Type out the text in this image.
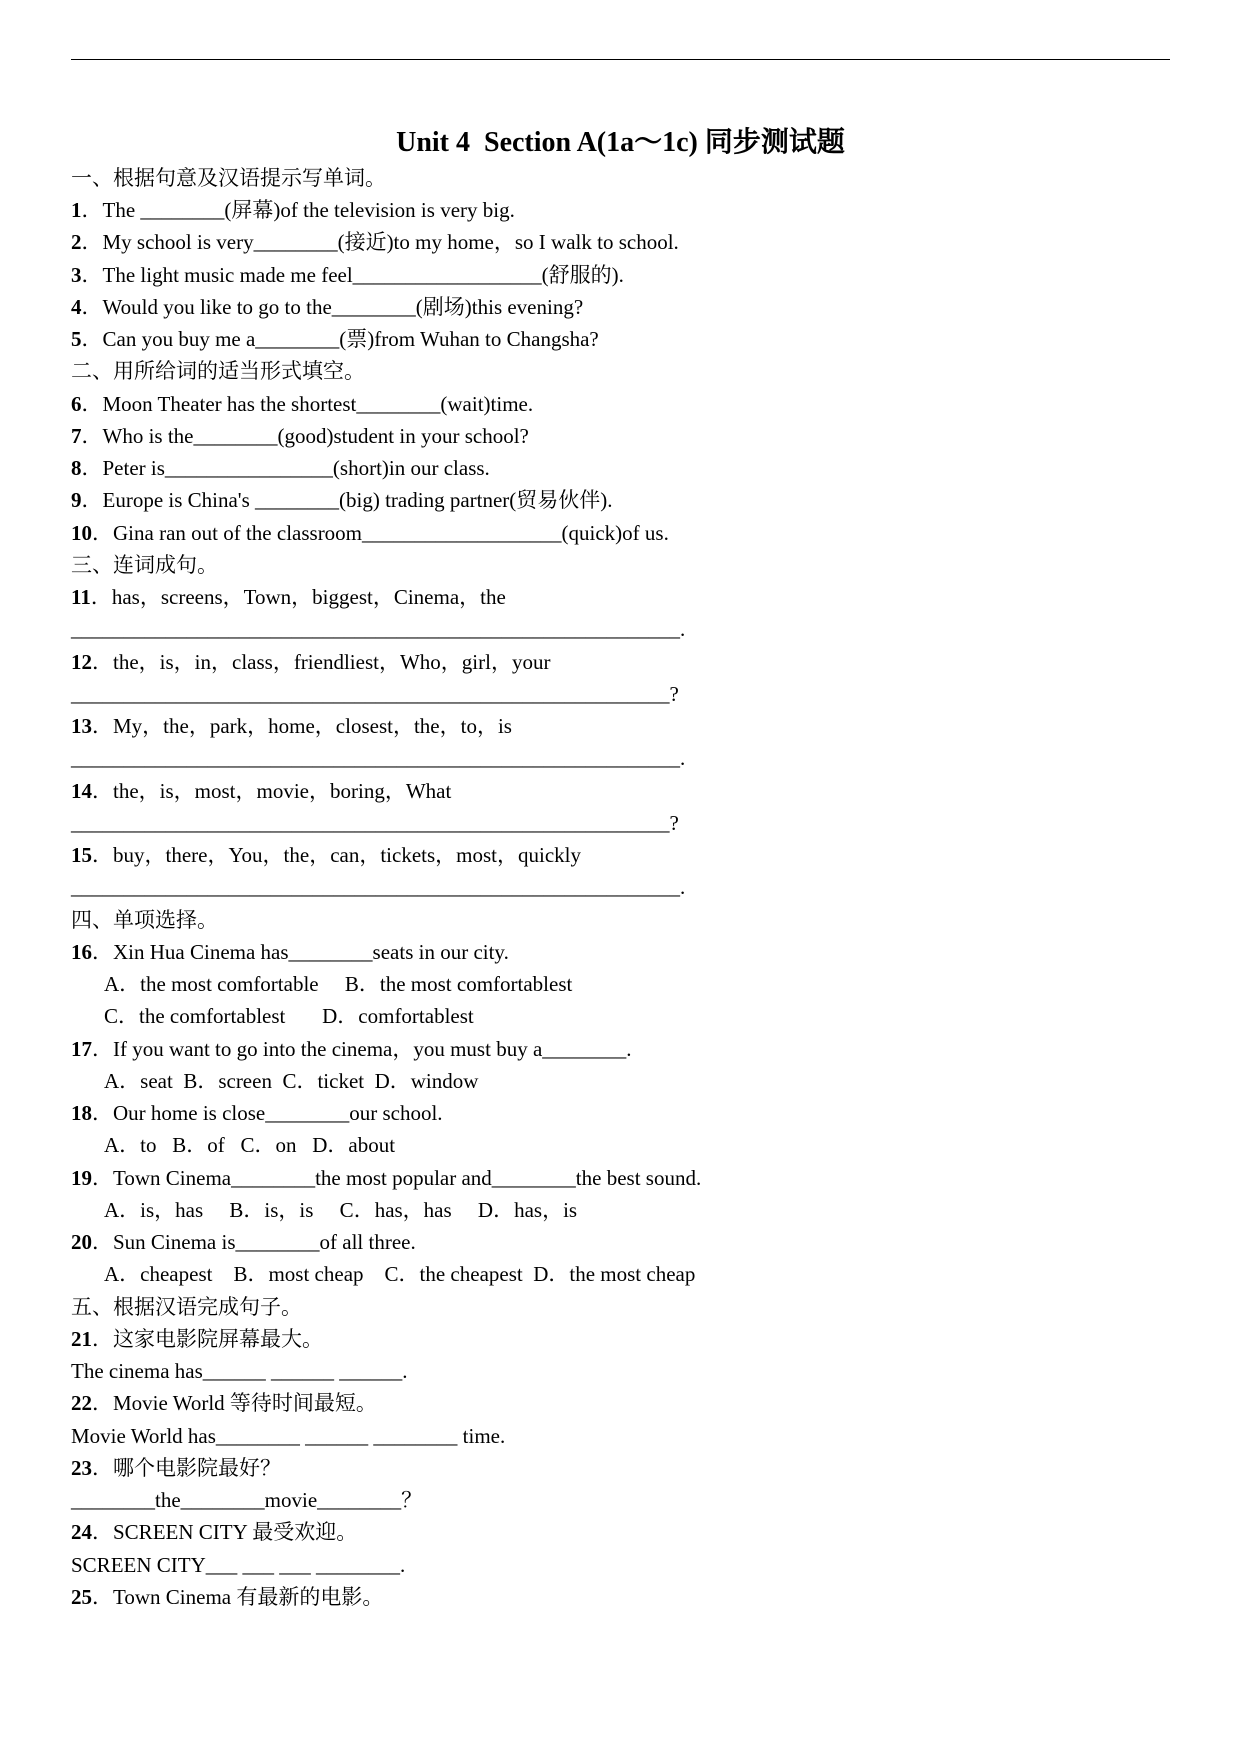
Unit 4  Section A(1a～1c) 同步测试题
一、根据句意及汉语提示写单词。
1．The ________(屏幕)of the television is very big.
2．My school is very________(接近)to my home，so I walk to school.
3．The light music made me feel__________________(舒服的).
4．Would you like to go to the________(剧场)this evening?
5．Can you buy me a________(票)from Wuhan to Changsha?
二、用所给词的适当形式填空。
6．Moon Theater has the shortest________(wait)time.
7．Who is the________(good)student in your school?
8．Peter is________________(short)in our class.
9．Europe is China's ________(big) trading partner(贸易伙伴).
10．Gina ran out of the classroom___________________(quick)of us.
三、连词成句。
11．has，screens，Town，biggest，Cinema，the
__________________________________________________________.
12．the，is，in，class，friendliest，Who，girl，your
_________________________________________________________?
13．My，the，park，home，closest，the，to，is
__________________________________________________________.
14．the，is，most，movie，boring，What
_________________________________________________________?
15．buy，there，You，the，can，tickets，most，quickly
__________________________________________________________.
四、单项选择。
16．Xin Hua Cinema has________seats in our city.
A．the most comfortable     B．the most comfortablest
C．the comfortablest       D．comfortablest
17．If you want to go into the cinema，you must buy a________.
A．seat  B．screen  C．ticket  D．window
18．Our home is close________our school.
A．to   B．of   C．on   D．about
19．Town Cinema________the most popular and________the best sound.
A．is，has     B．is，is     C．has，has     D．has，is
20．Sun Cinema is________of all three.
A．cheapest    B．most cheap    C．the cheapest  D．the most cheap
五、根据汉语完成句子。
21．这家电影院屏幕最大。
The cinema has______ ______ ______.
22．Movie World 等待时间最短。
Movie World has________ ______ ________ time.
23．哪个电影院最好？
________the________movie________？
24．SCREEN CITY 最受欢迎。
SCREEN CITY___ ___ ___ ________.
25．Town Cinema 有最新的电影。
